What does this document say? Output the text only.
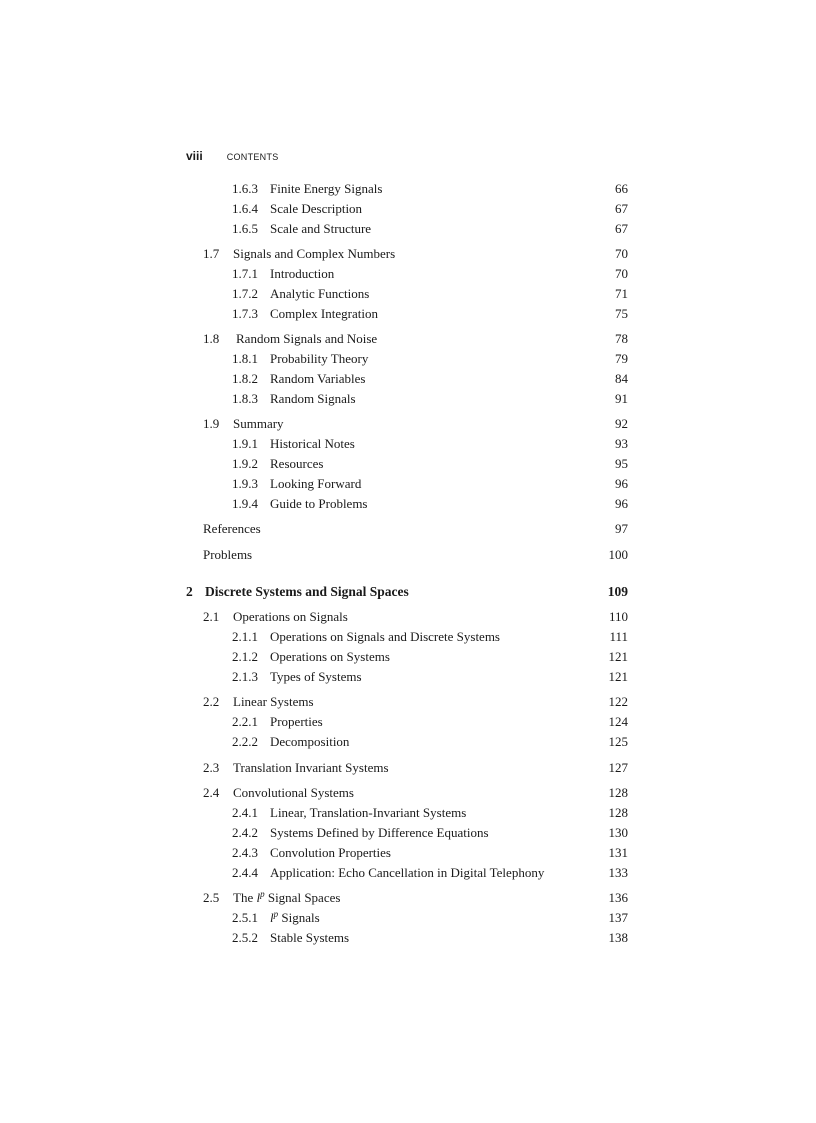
viii	CONTENTS
1.6.3 Finite Energy Signals	66
1.6.4 Scale Description	67
1.6.5 Scale and Structure	67
1.7 Signals and Complex Numbers	70
1.7.1 Introduction	70
1.7.2 Analytic Functions	71
1.7.3 Complex Integration	75
1.8 Random Signals and Noise	78
1.8.1 Probability Theory	79
1.8.2 Random Variables	84
1.8.3 Random Signals	91
1.9 Summary	92
1.9.1 Historical Notes	93
1.9.2 Resources	95
1.9.3 Looking Forward	96
1.9.4 Guide to Problems	96
References	97
Problems	100
2 Discrete Systems and Signal Spaces	109
2.1 Operations on Signals	110
2.1.1 Operations on Signals and Discrete Systems	111
2.1.2 Operations on Systems	121
2.1.3 Types of Systems	121
2.2 Linear Systems	122
2.2.1 Properties	124
2.2.2 Decomposition	125
2.3 Translation Invariant Systems	127
2.4 Convolutional Systems	128
2.4.1 Linear, Translation-Invariant Systems	128
2.4.2 Systems Defined by Difference Equations	130
2.4.3 Convolution Properties	131
2.4.4 Application: Echo Cancellation in Digital Telephony	133
2.5 The $l^p$ Signal Spaces	136
2.5.1 $l^p$ Signals	137
2.5.2 Stable Systems	138
